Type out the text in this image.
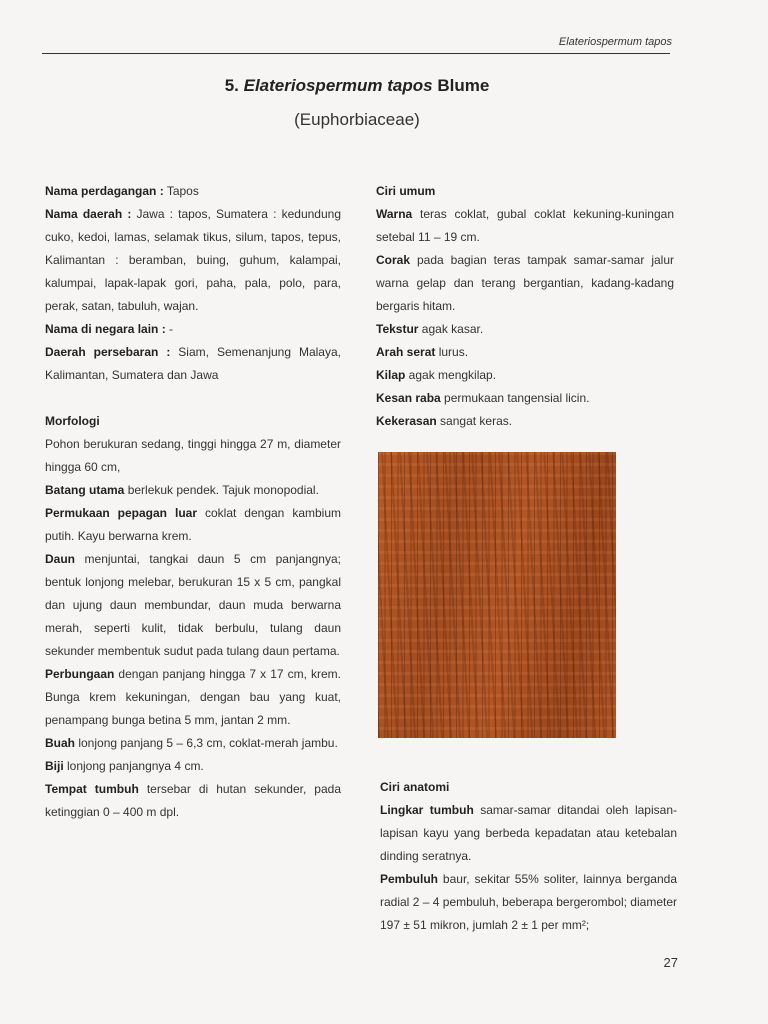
Elateriospermum tapos
5. Elateriospermum tapos Blume
(Euphorbiaceae)

Nama perdagangan : Tapos

Nama daerah : Jawa : tapos, Sumatera : kedundung cuko, kedoi, lamas, selamak tikus, silum, tapos, tepus, Kalimantan : beramban, buing, guhum, kalampai, kalumpai, lapak-lapak gori, paha, pala, polo, para, perak, satan, tabuluh, wajan.

Nama di negara lain : -

Daerah persebaran : Siam, Semenanjung Malaya, Kalimantan, Sumatera dan Jawa

Morfologi

Pohon berukuran sedang, tinggi hingga 27 m, diameter hingga 60 cm,

Batang utama berlekuk pendek. Tajuk monopodial.

Permukaan pepagan luar coklat dengan kambium putih. Kayu berwarna krem.

Daun menjuntai, tangkai daun 5 cm panjangnya; bentuk lonjong melebar, berukuran 15 x 5 cm, pangkal dan ujung daun membundar, daun muda berwarna merah, seperti kulit, tidak berbulu, tulang daun sekunder membentuk sudut pada tulang daun pertama.

Perbungaan dengan panjang hingga 7 x 17 cm, krem. Bunga krem kekuningan, dengan bau yang kuat, penampang bunga betina 5 mm, jantan 2 mm.

Buah lonjong panjang 5 – 6,3 cm, coklat-merah jambu.

Biji lonjong panjangnya 4 cm.

Tempat tumbuh tersebar di hutan sekunder, pada ketinggian 0 – 400 m dpl.

Ciri umum

Warna teras coklat, gubal coklat kekuning-kuningan setebal 11 – 19 cm.

Corak pada bagian teras tampak samar-samar jalur warna gelap dan terang bergantian, kadang-kadang bergaris hitam.

Tekstur agak kasar.

Arah serat lurus.

Kilap agak mengkilap.

Kesan raba permukaan tangensial licin.

Kekerasan sangat keras.

Ciri anatomi

Lingkar tumbuh samar-samar ditandai oleh lapisan-lapisan kayu yang berbeda kepadatan atau ketebalan dinding seratnya.

Pembuluh baur, sekitar 55% soliter, lainnya berganda radial 2 – 4 pembuluh, beberapa bergerombol; diameter 197 ± 51 mikron, jumlah 2 ± 1 per mm²;

27
